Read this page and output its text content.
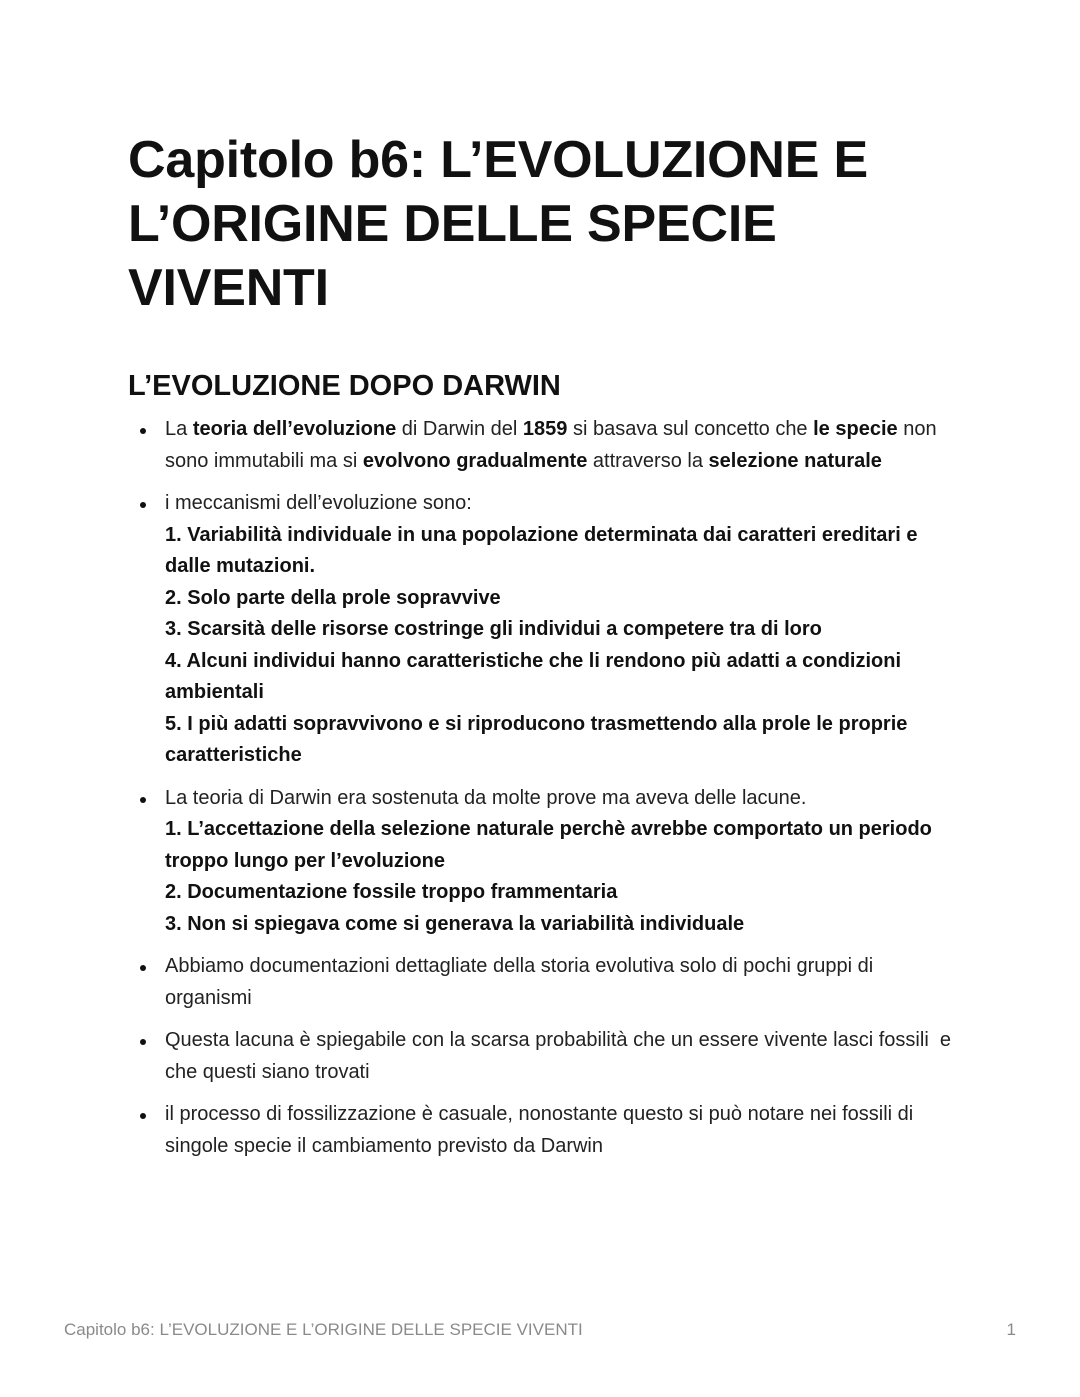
Capitolo b6: L’EVOLUZIONE E L’ORIGINE DELLE SPECIE VIVENTI
L’EVOLUZIONE DOPO DARWIN
La teoria dell’evoluzione di Darwin del 1859 si basava sul concetto che le specie non sono immutabili ma si evolvono gradualmente attraverso la selezione naturale
i meccanismi dell’evoluzione sono:
1. Variabilità individuale in una popolazione determinata dai caratteri ereditari e dalle mutazioni.
2. Solo parte della prole sopravvive
3. Scarsità delle risorse costringe gli individui a competere tra di loro
4. Alcuni individui hanno caratteristiche che li rendono più adatti a condizioni ambientali
5. I più adatti sopravvivono e si riproducono trasmettendo alla prole le proprie caratteristiche
La teoria di Darwin era sostenuta da molte prove ma aveva delle lacune.
1. L’accettazione della selezione naturale perchè avrebbe comportato un periodo troppo lungo per l’evoluzione
2. Documentazione fossile troppo frammentaria
3. Non si spiegava come si generava la variabilità individuale
Abbiamo documentazioni dettagliate della storia evolutiva solo di pochi gruppi di organismi
Questa lacuna è spiegabile con la scarsa probabilità che un essere vivente lasci fossili  e che questi siano trovati
il processo di fossilizzazione è casuale, nonostante questo si può notare nei fossili di singole specie il cambiamento previsto da Darwin
Capitolo b6: L’EVOLUZIONE E L’ORIGINE DELLE SPECIE VIVENTI	1
